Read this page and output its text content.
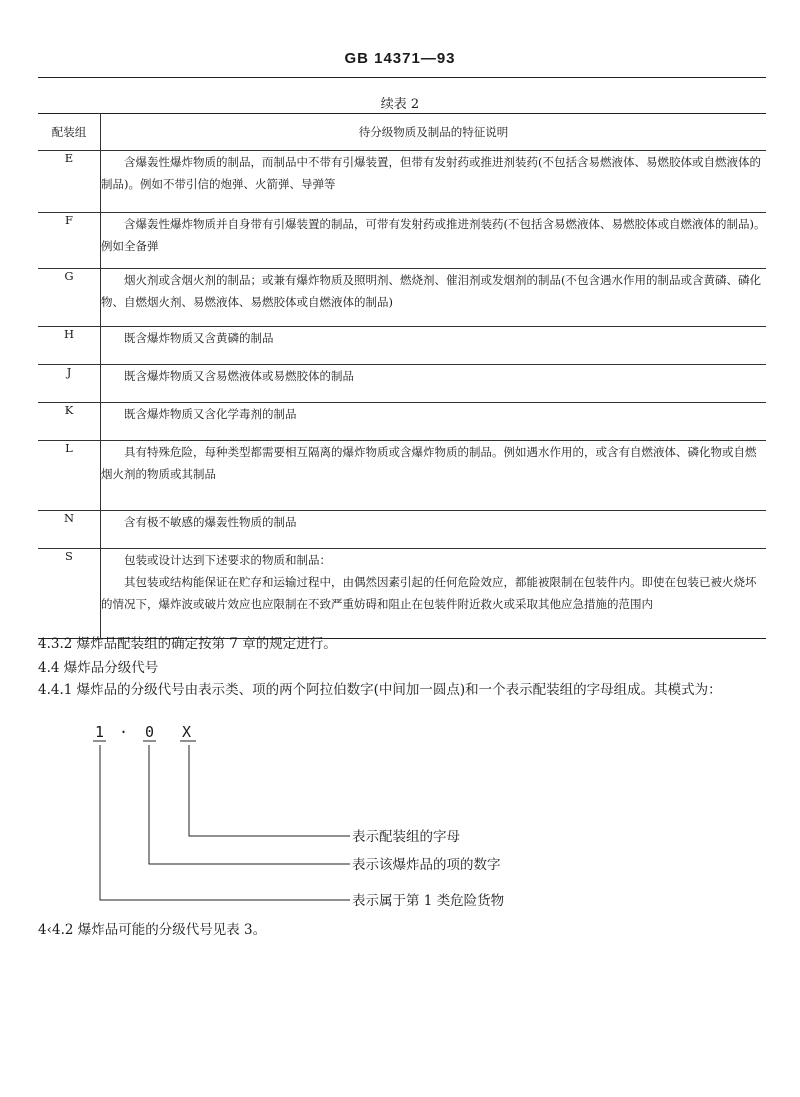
GB 14371—93
续表 2
配装组	待分级物质及制品的特征说明
E	含爆轰性爆炸物质的制品，而制品中不带有引爆装置，但带有发射药或推进剂装药(不包括含易燃液体、易燃胶体或自燃液体的制品)。例如不带引信的炮弹、火箭弹、导弹等

F	含爆轰性爆炸物质并自身带有引爆装置的制品，可带有发射药或推进剂装药(不包括含易燃液体、易燃胶体或自燃液体的制品)。例如全备弹

G	烟火剂或含烟火剂的制品；或兼有爆炸物质及照明剂、燃烧剂、催泪剂或发烟剂的制品(不包含遇水作用的制品或含黄磷、磷化物、自燃烟火剂、易燃液体、易燃胶体或自燃液体的制品)

H	既含爆炸物质又含黄磷的制品

J	既含爆炸物质又含易燃液体或易燃胶体的制品

K	既含爆炸物质又含化学毒剂的制品

L	具有特殊危险，每种类型都需要相互隔离的爆炸物质或含爆炸物质的制品。例如遇水作用的，或含有自燃液体、磷化物或自燃烟火剂的物质或其制品

N	含有极不敏感的爆轰性物质的制品

S	包装或设计达到下述要求的物质和制品：
其包装或结构能保证在贮存和运输过程中，由偶然因素引起的任何危险效应，都能被限制在包装件内。即使在包装已被火烧坏的情况下，爆炸波或破片效应也应限制在不致严重妨碍和阻止在包装件附近救火或采取其他应急措施的范围内
4.3.2 爆炸品配装组的确定按第 7 章的规定进行。
4.4 爆炸品分级代号
4.4.1 爆炸品的分级代号由表示类、项的两个阿拉伯数字(中间加一圆点)和一个表示配装组的字母组成。其模式为：
1 · 0 X
表示配装组的字母
表示该爆炸品的项的数字
表示属于第 1 类危险货物
4‹4.2 爆炸品可能的分级代号见表 3。
